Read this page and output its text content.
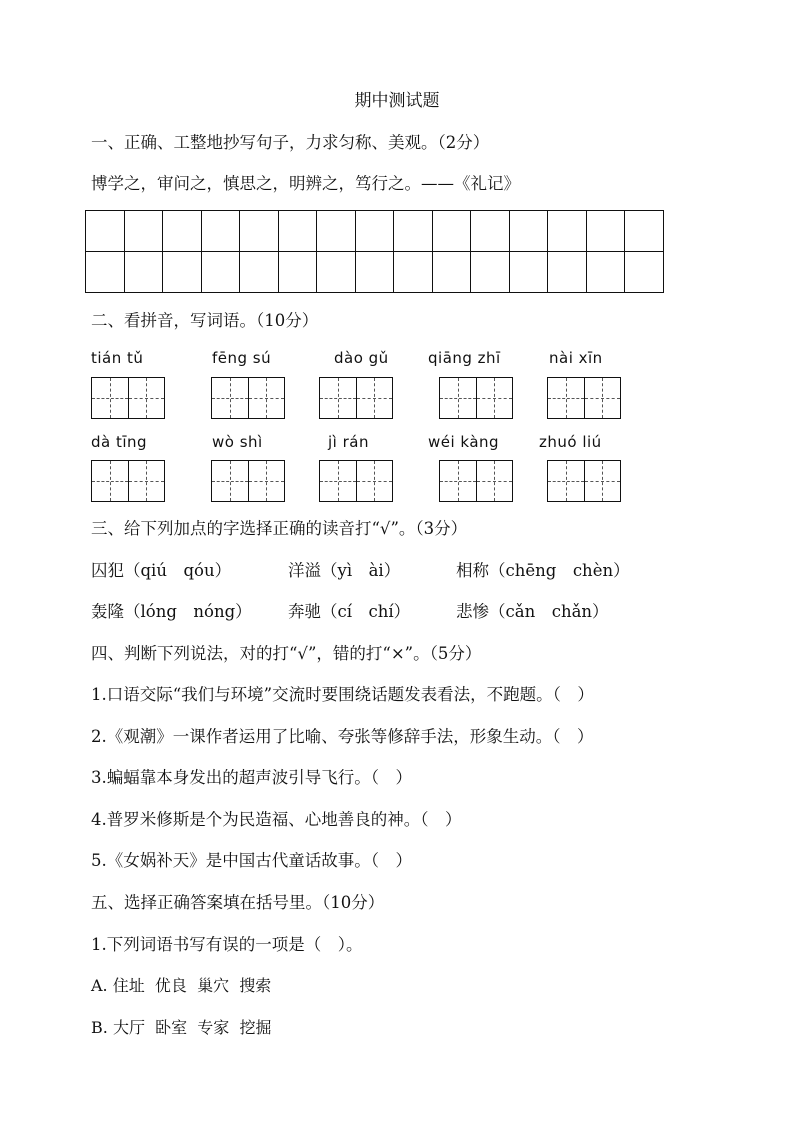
期中测试题
一、正确、工整地抄写句子，力求匀称、美观。（2分）
博学之，审问之，慎思之，明辨之，笃行之。——《礼记》

二、看拼音，写词语。（10分）
tián tǔ	fēng sú	dào gǔ	qiāng zhī	nài xīn
dà tīng	wò shì	jì rán	wéi kàng	zhuó liú
三、给下列加点的字选择正确的读音打“√”。（3分）
囚犯（qiú　qóu）	洋溢（yì　ài）	相称（chēng　chèn）
轰隆（lóng　nóng） 奔驰（cí　chí）	悲惨（cǎn　chǎn）
四、判断下列说法，对的打“√”，错的打“×”。（5分）
1.口语交际“我们与环境”交流时要围绕话题发表看法，不跑题。（　）
2.《观潮》一课作者运用了比喻、夸张等修辞手法，形象生动。（　）
3.蝙蝠靠本身发出的超声波引导飞行。（　）
4.普罗米修斯是个为民造福、心地善良的神。（　）
5.《女娲补天》是中国古代童话故事。（　）
五、选择正确答案填在括号里。（10分）
1.下列词语书写有误的一项是（　）。
A. 住址  优良  巢穴  搜索
B. 大厅  卧室  专家  挖掘
